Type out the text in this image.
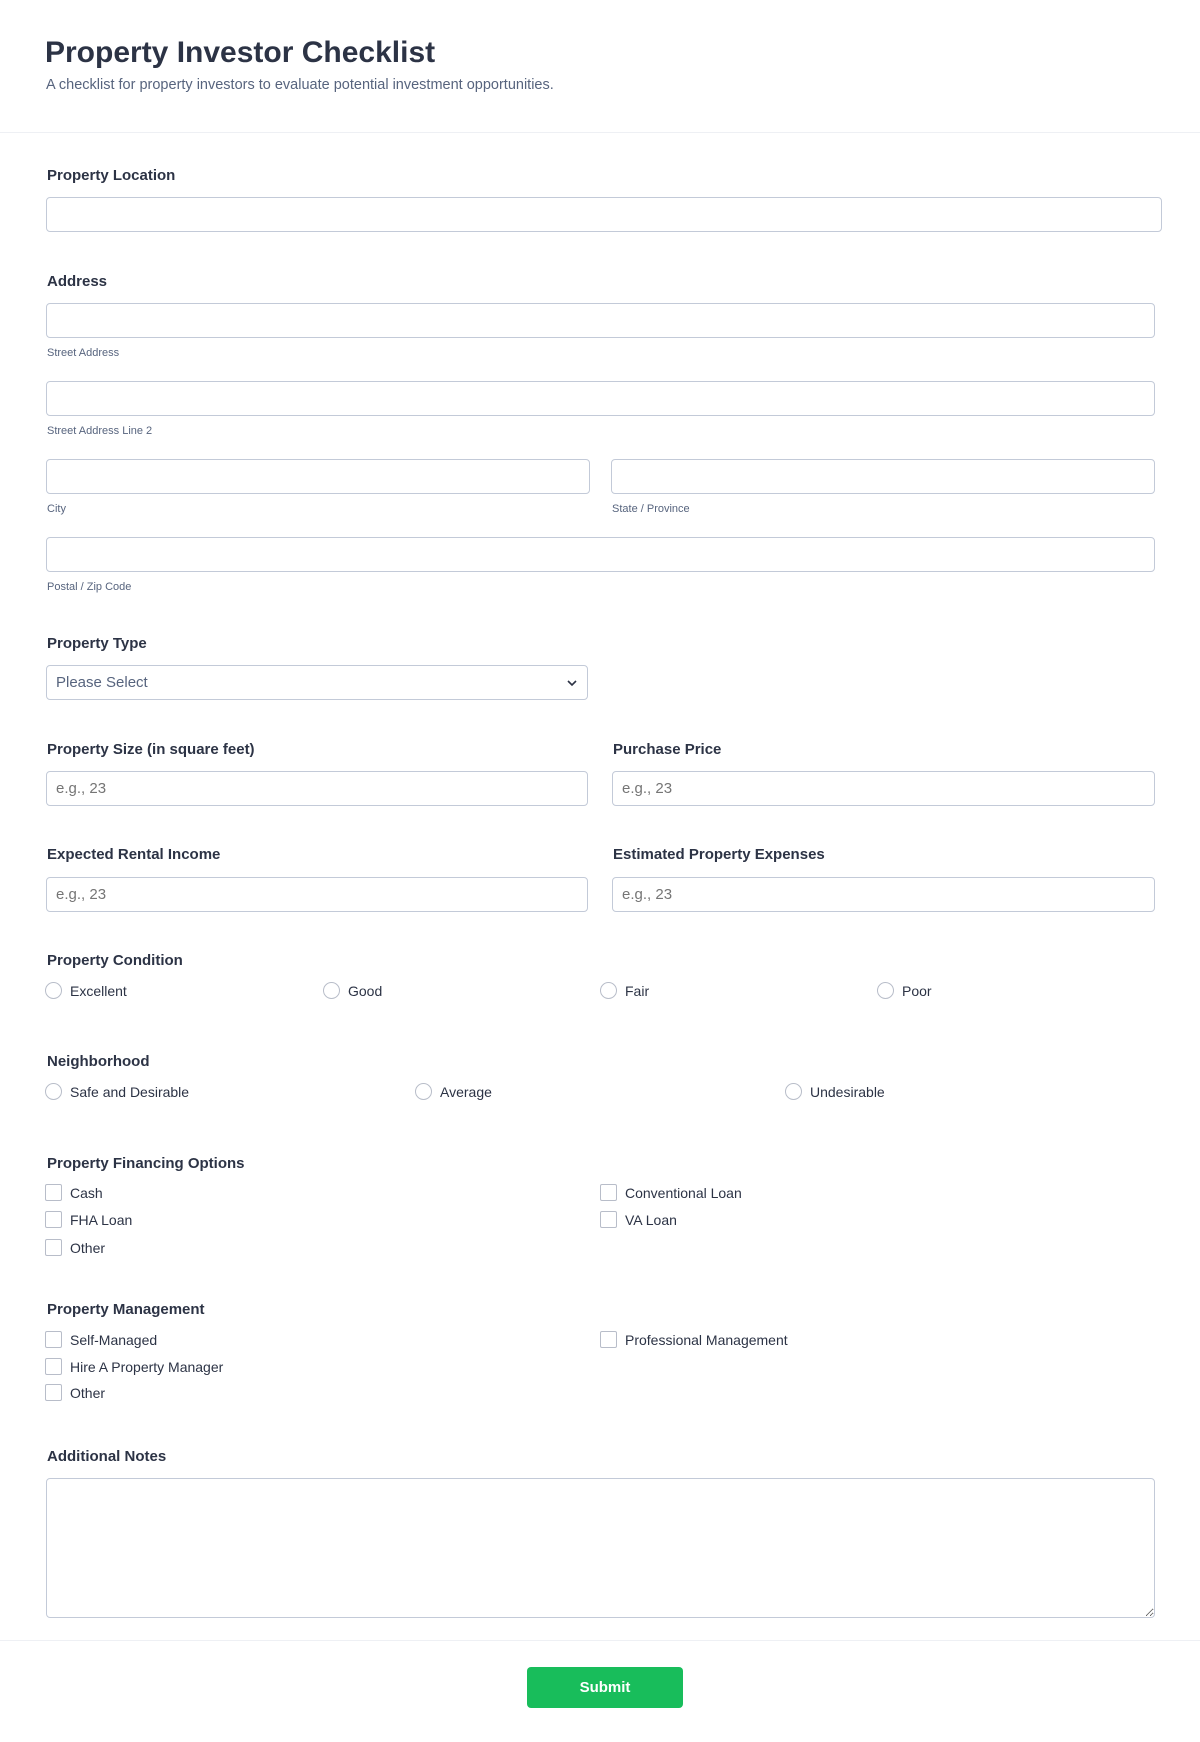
Property Investor Checklist
A checklist for property investors to evaluate potential investment opportunities.
Property Location
Address
Street Address
Street Address Line 2
City	State / Province
Postal / Zip Code
Property Type
Please Select
Property Size (in square feet)
e.g., 23	Purchase Price
e.g., 23
Expected Rental Income
e.g., 23	Estimated Property Expenses
e.g., 23
Property Condition
Excellent	Good	Fair	Poor
Neighborhood
Safe and Desirable	Average	Undesirable
Property Financing Options
Cash	Conventional Loan
FHA Loan	VA Loan
Other
Property Management
Self-Managed	Professional Management
Hire A Property Manager
Other
Additional Notes
Submit
